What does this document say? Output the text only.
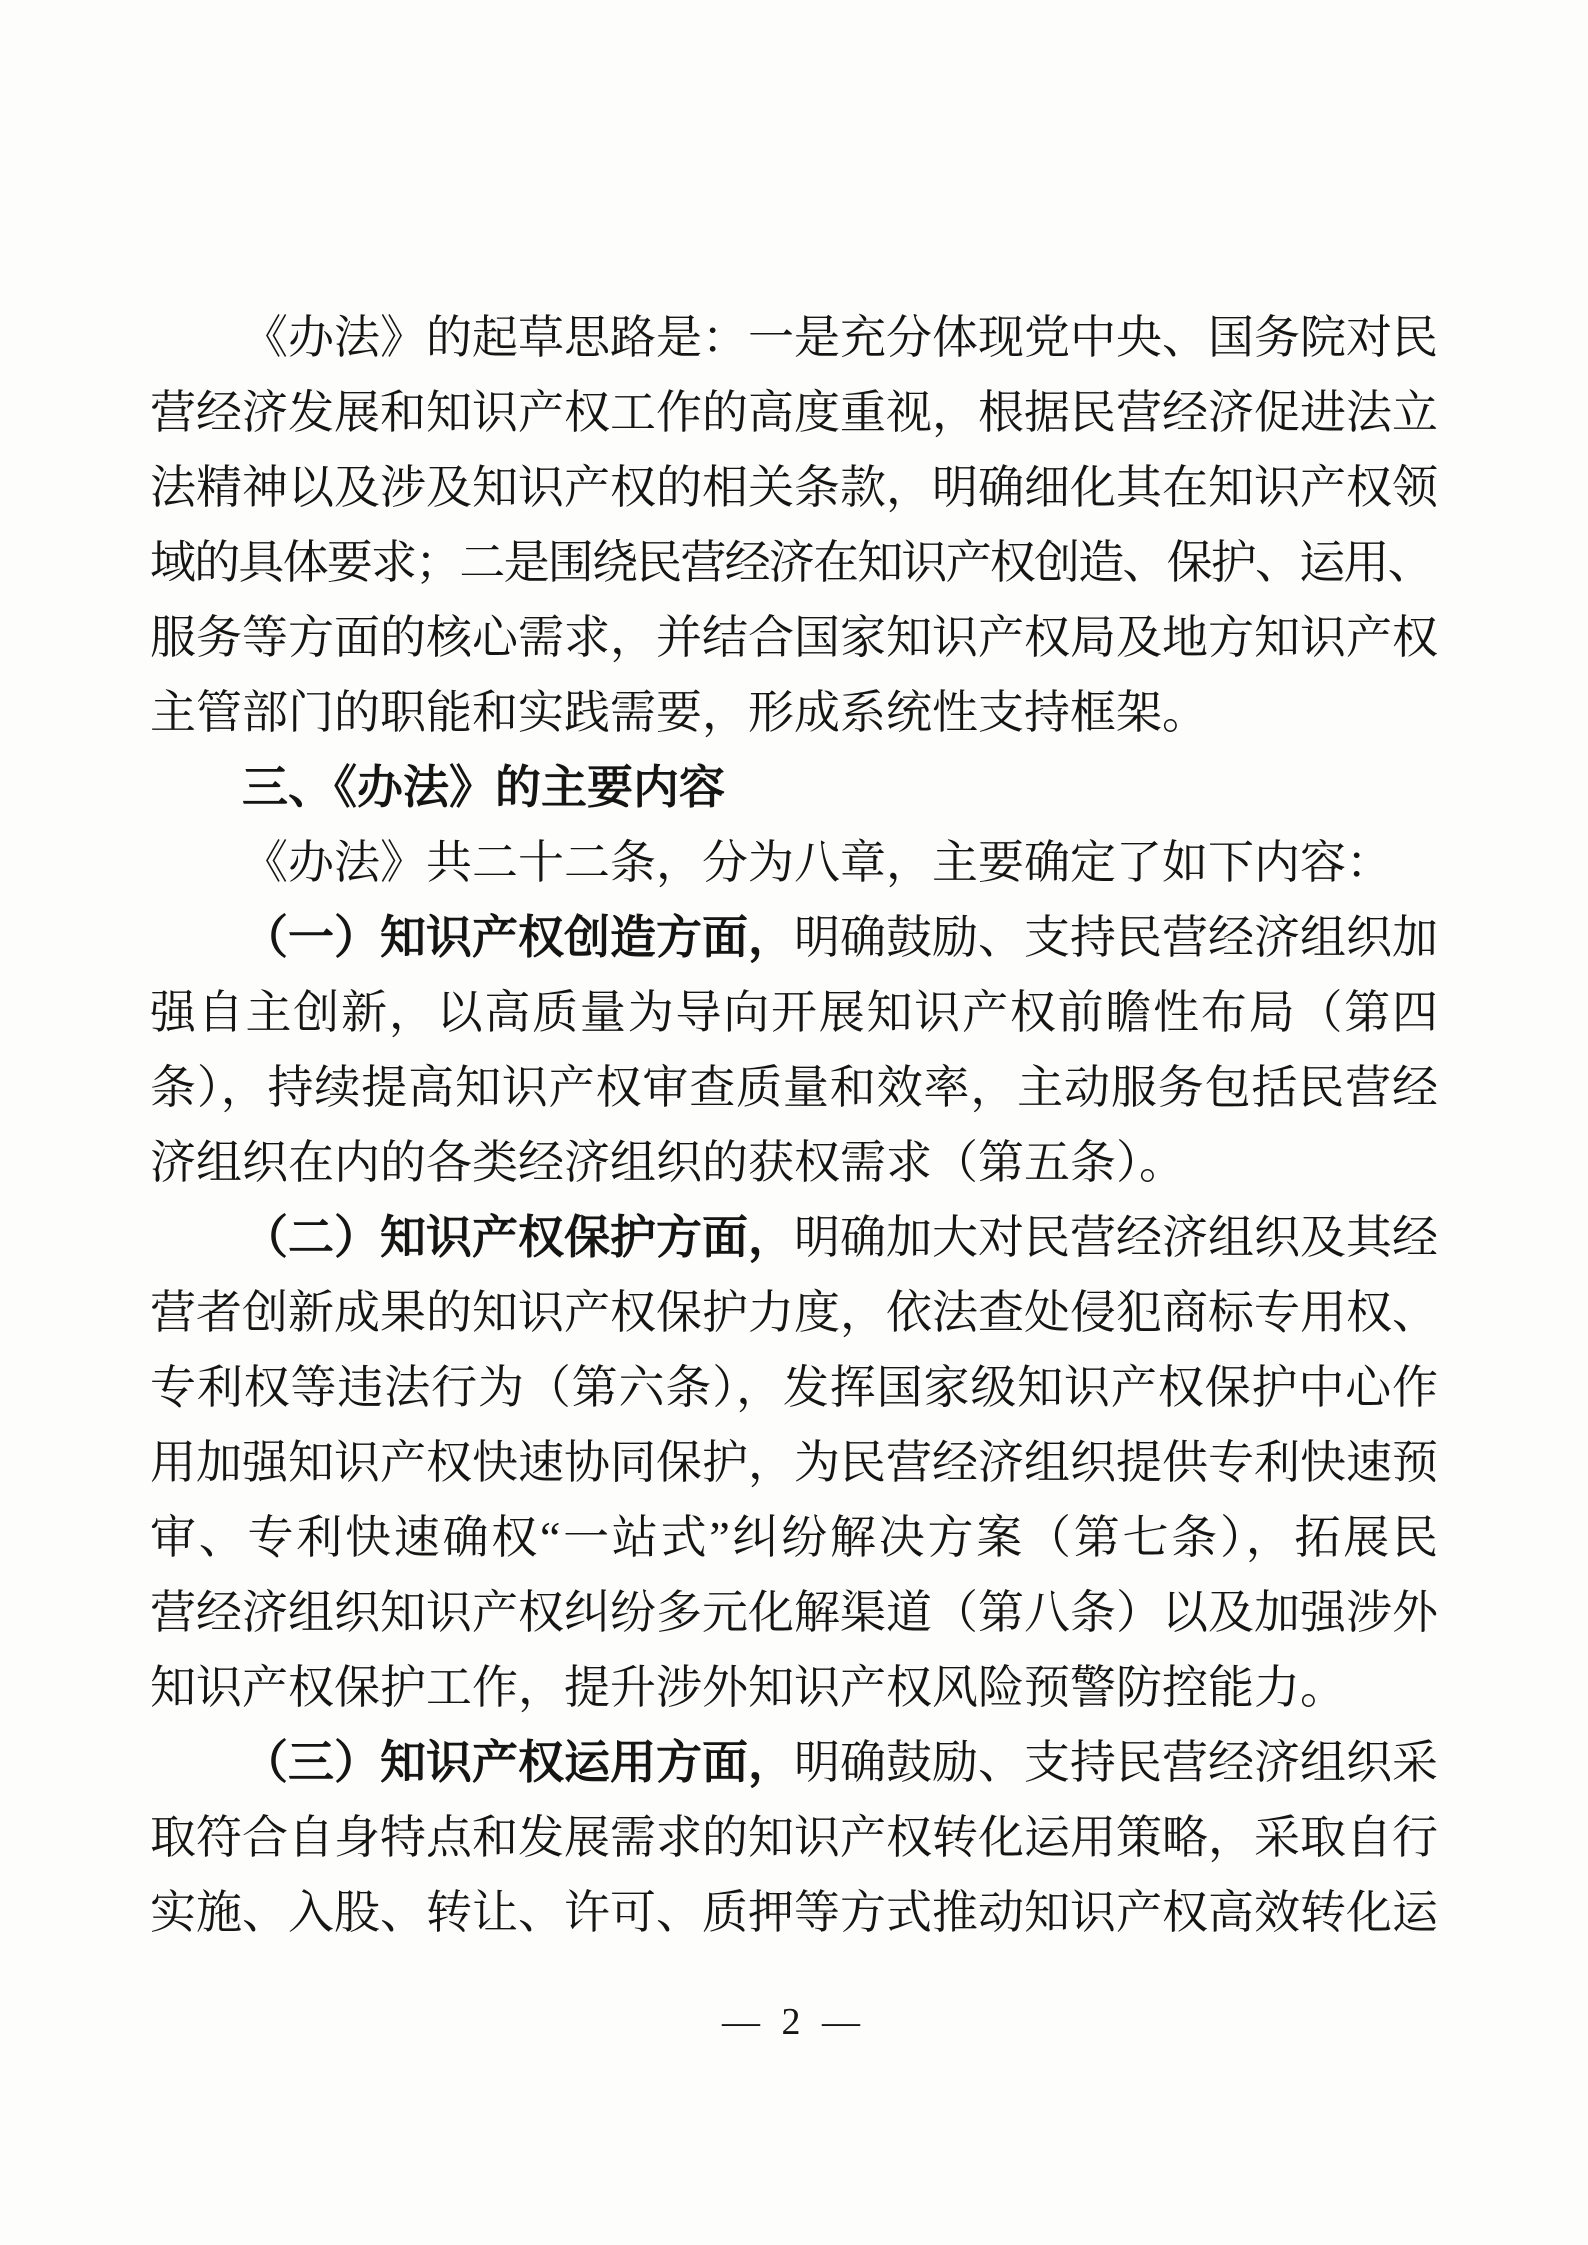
《办法》的起草思路是：一是充分体现党中央、国务院对民
营经济发展和知识产权工作的高度重视，根据民营经济促进法立
法精神以及涉及知识产权的相关条款，明确细化其在知识产权领
域的具体要求；二是围绕民营经济在知识产权创造、保护、运用、
服务等方面的核心需求，并结合国家知识产权局及地方知识产权
主管部门的职能和实践需要，形成系统性支持框架。
三、《办法》的主要内容
《办法》共二十二条，分为八章，主要确定了如下内容：
（一）知识产权创造方面，明确鼓励、支持民营经济组织加
强自主创新，以高质量为导向开展知识产权前瞻性布局（第四
条），持续提高知识产权审查质量和效率，主动服务包括民营经
济组织在内的各类经济组织的获权需求（第五条）。
（二）知识产权保护方面，明确加大对民营经济组织及其经
营者创新成果的知识产权保护力度，依法查处侵犯商标专用权、
专利权等违法行为（第六条），发挥国家级知识产权保护中心作
用加强知识产权快速协同保护，为民营经济组织提供专利快速预
审、专利快速确权“一站式”纠纷解决方案（第七条），拓展民
营经济组织知识产权纠纷多元化解渠道（第八条）以及加强涉外
知识产权保护工作，提升涉外知识产权风险预警防控能力。
（三）知识产权运用方面，明确鼓励、支持民营经济组织采
取符合自身特点和发展需求的知识产权转化运用策略，采取自行
实施、入股、转让、许可、质押等方式推动知识产权高效转化运
— 2 —
